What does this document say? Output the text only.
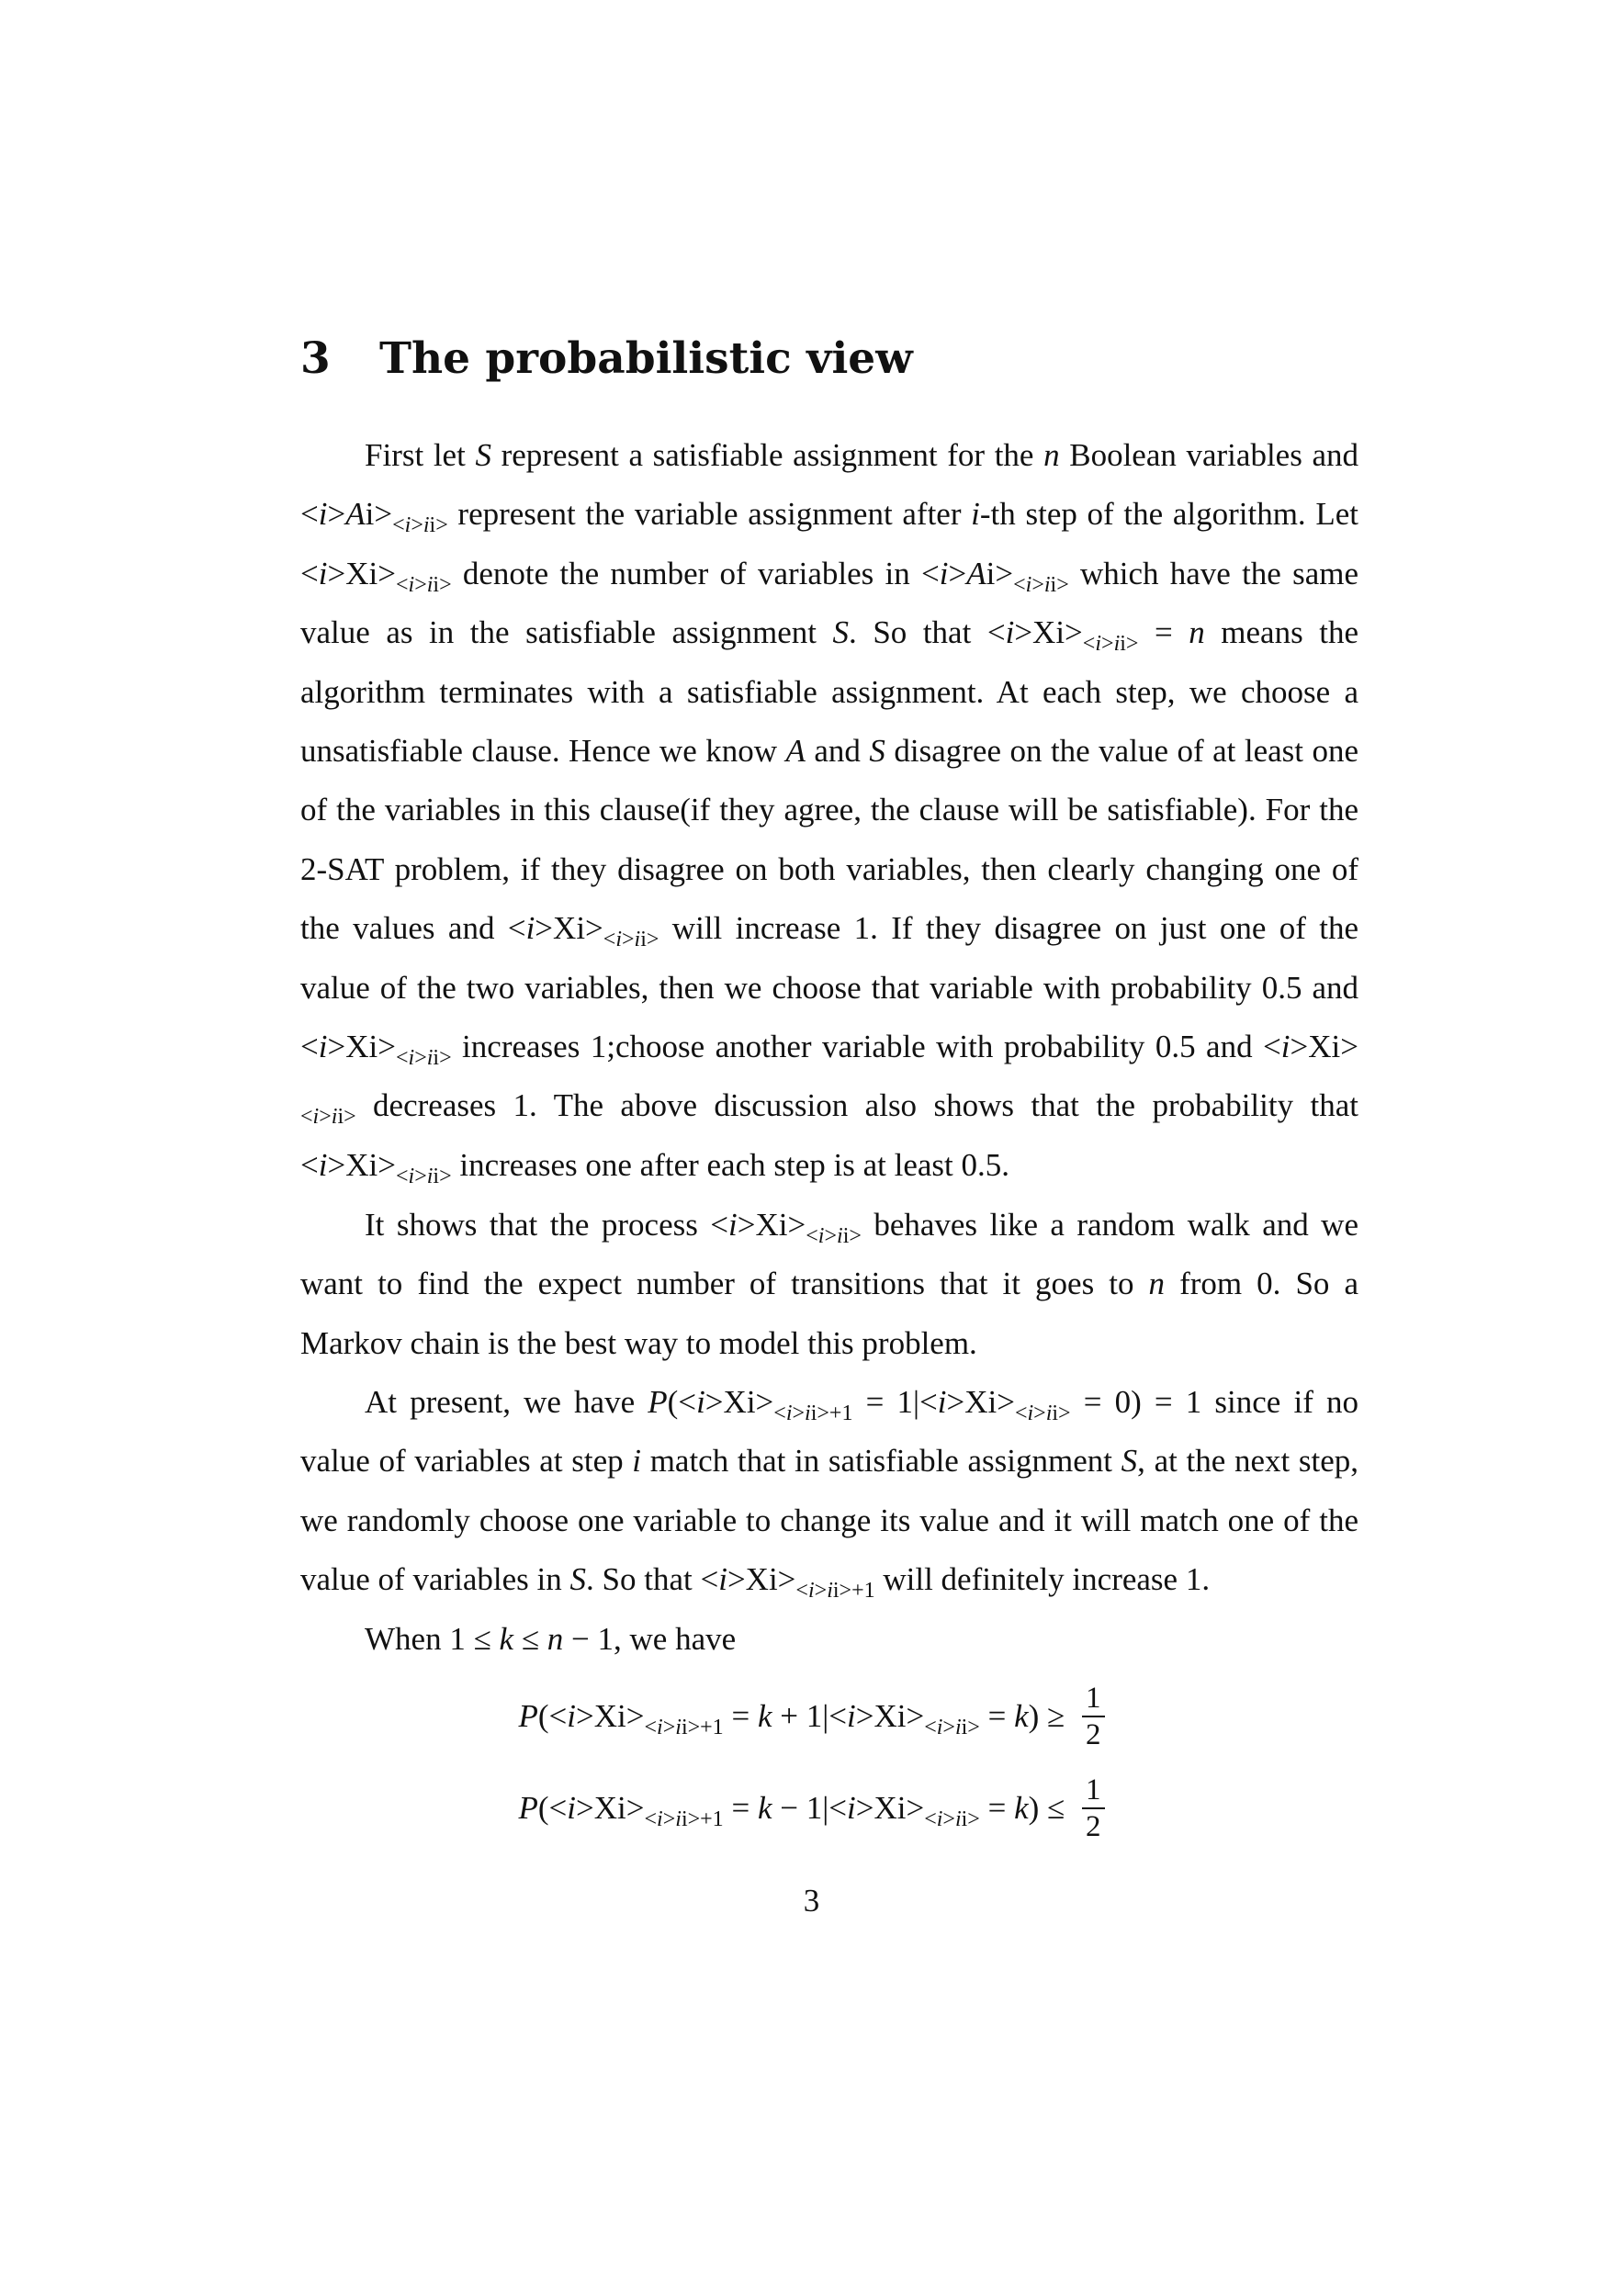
3 The probabilistic view

First let S represent a satisfiable assignment for the n Boolean variables and $<i>Ai>_{<i>ii>}$ represent the variable assignment after i-th step of the algorithm. Let $<i>Xi>_{<i>ii>}$ denote the number of variables in $<i>Ai>_{<i>ii>}$ which have the same value as in the satisfiable assignment S. So that $<i>Xi>_{<i>ii>} = n$ means the algorithm terminates with a satisfiable assignment. At each step, we choose a unsatisfiable clause. Hence we know A and S disagree on the value of at least one of the variables in this clause(if they agree, the clause will be satisfiable). For the 2-SAT problem, if they disagree on both variables, then clearly changing one of the values and $<i>Xi>_{<i>ii>}$ will increase 1. If they disagree on just one of the value of the two variables, then we choose that variable with probability 0.5 and $<i>Xi>_{<i>ii>}$ increases 1;choose another variable with probability 0.5 and $<i>Xi>_{<i>ii>}$ decreases 1. The above discussion also shows that the probability that $<i>Xi>_{<i>ii>}$ increases one after each step is at least 0.5.

It shows that the process $<i>Xi>_{<i>ii>}$ behaves like a random walk and we want to find the expect number of transitions that it goes to n from 0. So a Markov chain is the best way to model this problem.

At present, we have $P(<i>Xi>_{<i>ii>+1} = 1|<i>Xi>_{<i>ii>} = 0) = 1$ since if no value of variables at step i match that in satisfiable assignment S, at the next step, we randomly choose one variable to change its value and it will match one of the value of variables in S. So that $<i>Xi>_{<i>ii>+1}$ will definitely increase 1.

When 1 ≤ k ≤ n − 1, we have

$P(<i>Xi>_{<i>ii>+1} = k + 1|<i>Xi>_{<i>ii>} = k) \ge \frac{1}{2}$
$P(<i>Xi>_{<i>ii>+1} = k - 1|<i>Xi>_{<i>ii>} = k) \le \frac{1}{2}$
3
